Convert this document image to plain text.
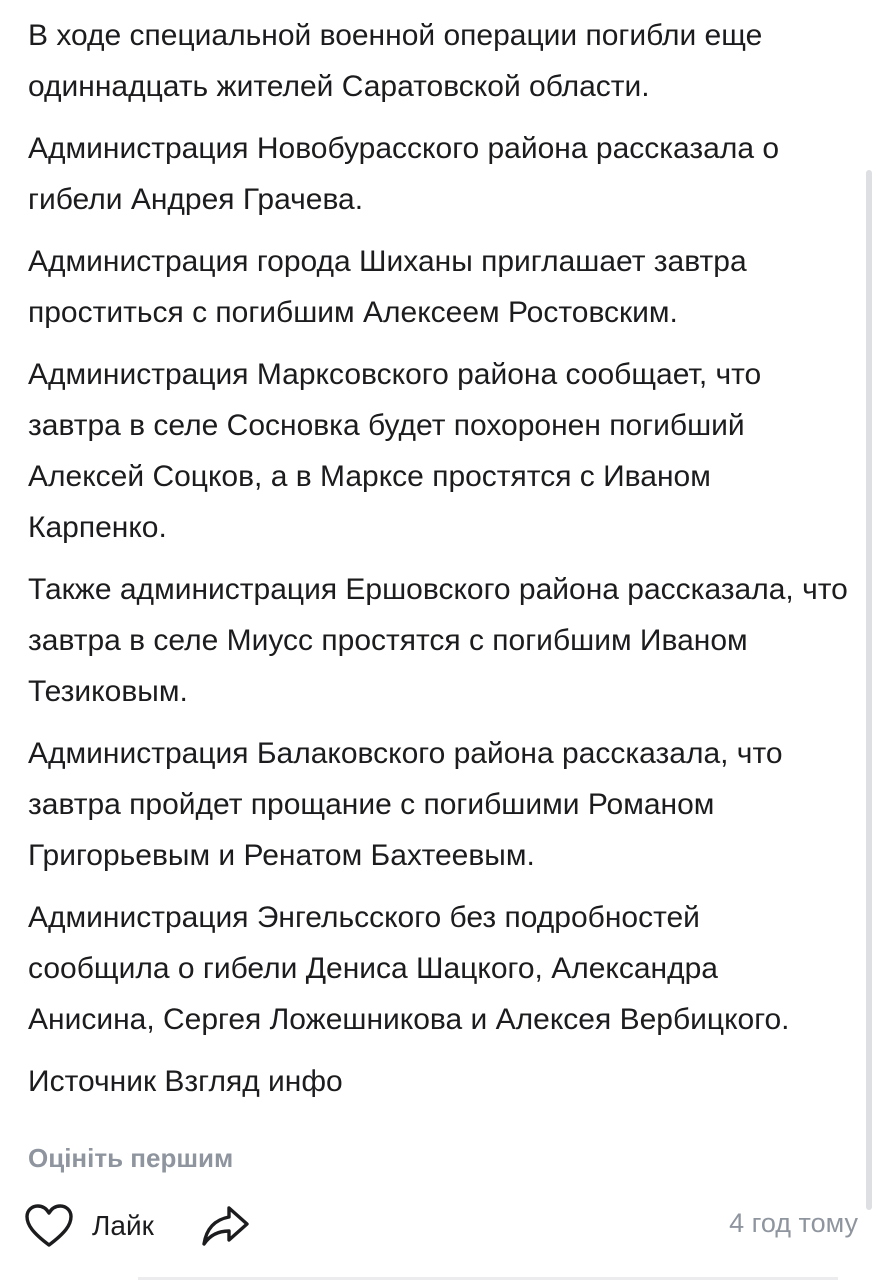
В ходе специальной военной операции погибли еще одиннадцать жителей Саратовской области.

Администрация Новобурасского района рассказала о гибели Андрея Грачева.

Администрация города Шиханы приглашает завтра проститься с погибшим Алексеем Ростовским.

Администрация Марксовского района сообщает, что завтра в селе Сосновка будет похоронен погибший Алексей Соцков, а в Марксе простятся с Иваном Карпенко.

Также администрация Ершовского района рассказала, что завтра в селе Миусс простятся с погибшим Иваном Тезиковым.

Администрация Балаковского района рассказала, что завтра пройдет прощание с погибшими Романом Григорьевым и Ренатом Бахтеевым.

Администрация Энгельсского без подробностей сообщила о гибели Дениса Шацкого, Александра Анисина, Сергея Ложешникова и Алексея Вербицкого.

Источник Взгляд инфо

Оцініть першим
Лайк	4 год тому
